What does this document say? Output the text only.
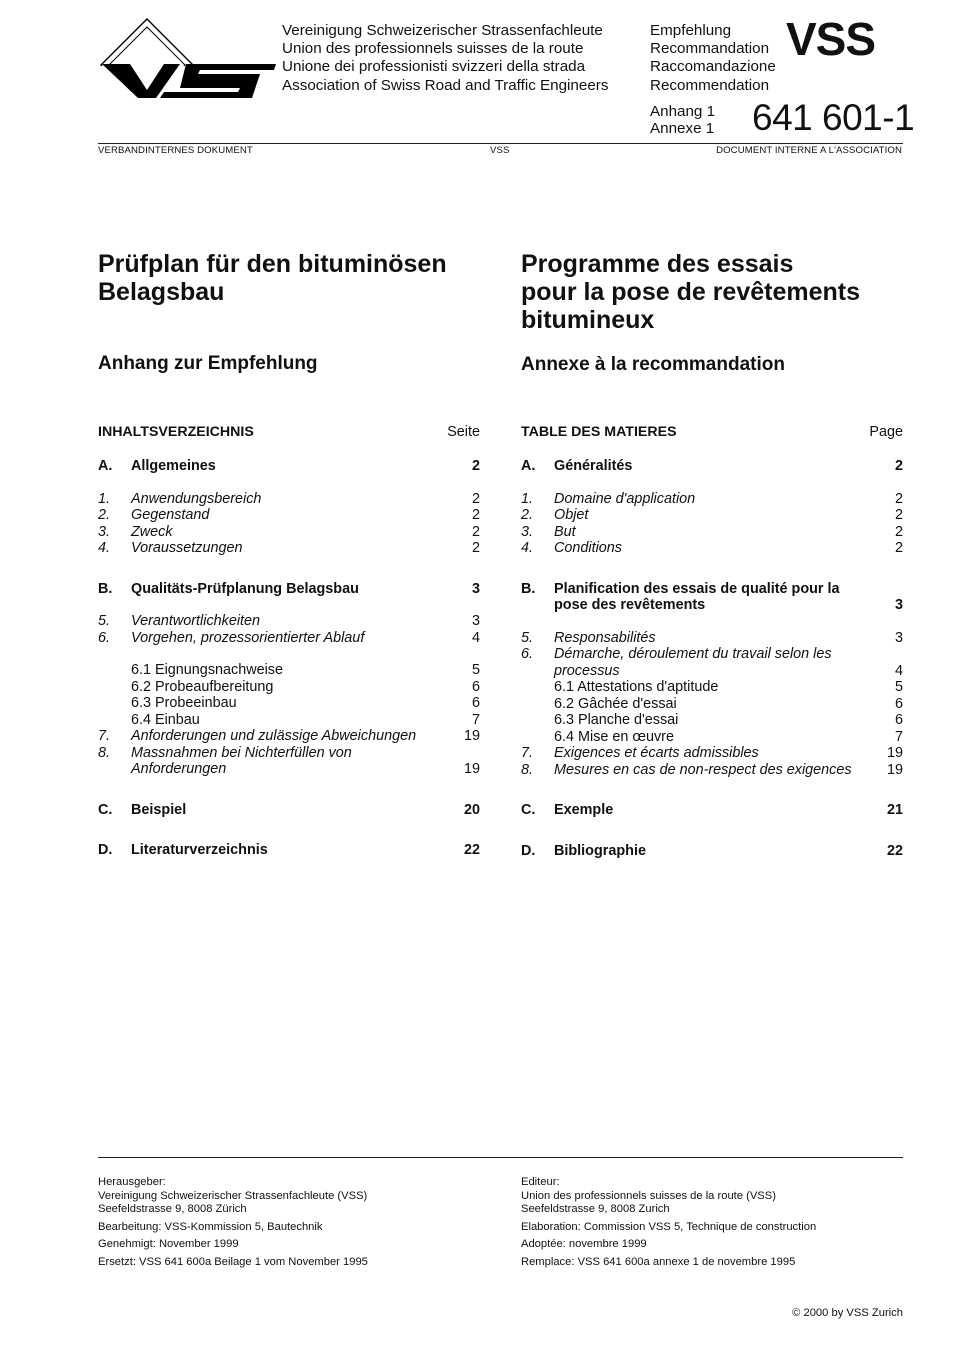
Vereinigung Schweizerischer Strassenfachleute
Union des professionnels suisses de la route
Unione dei professionisti svizzeri della strada
Association of Swiss Road and Traffic Engineers
Empfehlung
Recommandation
Raccomandazione
Recommendation
VSS
Anhang 1
Annexe 1 641 601-1
VERBANDINTERNES DOKUMENT	VSS	DOCUMENT INTERNE A L'ASSOCIATION
Prüfplan für den bituminösen
Belagsbau
Programme des essais
pour la pose de revêtements
bitumineux
Anhang zur Empfehlung	Annexe à la recommandation
INHALTSVERZEICHNIS	Seite
A.	Allgemeines	2
1.	Anwendungsbereich	2
2.	Gegenstand	2
3.	Zweck	2
4.	Voraussetzungen	2
B.	Qualitäts-Prüfplanung Belagsbau	3
5.	Verantwortlichkeiten	3
6.	Vorgehen, prozessorientierter Ablauf	4
6.1 Eignungsnachweise	5
6.2 Probeaufbereitung	6
6.3 Probeeinbau	6
6.4 Einbau	7
7.	Anforderungen und zulässige Abweichungen	19
8.	Massnahmen bei Nichterfüllen von Anforderungen	19
C.	Beispiel	20
D.	Literaturverzeichnis	22
TABLE DES MATIERES	Page
A.	Généralités	2
1.	Domaine d'application	2
2.	Objet	2
3.	But	2
4.	Conditions	2
B.	Planification des essais de qualité pour la pose des revêtements	3
5.	Responsabilités	3
6.	Démarche, déroulement du travail selon les processus	4
6.1 Attestations d'aptitude	5
6.2 Gâchée d'essai	6
6.3 Planche d'essai	6
6.4 Mise en œuvre	7
7.	Exigences et écarts admissibles	19
8.	Mesures en cas de non-respect des exigences	19
C.	Exemple	21
D.	Bibliographie	22

Herausgeber:

Vereinigung Schweizerischer Strassenfachleute (VSS)

Seefeldstrasse 9, 8008 Zürich

Bearbeitung: VSS-Kommission 5, Bautechnik

Genehmigt: November 1999

Ersetzt: VSS 641 600a Beilage 1 vom November 1995

Editeur:

Union des professionnels suisses de la route (VSS)

Seefeldstrasse 9, 8008 Zurich

Elaboration: Commission VSS 5, Technique de construction

Adoptée: novembre 1999

Remplace: VSS 641 600a annexe 1 de novembre 1995

© 2000 by VSS Zurich
